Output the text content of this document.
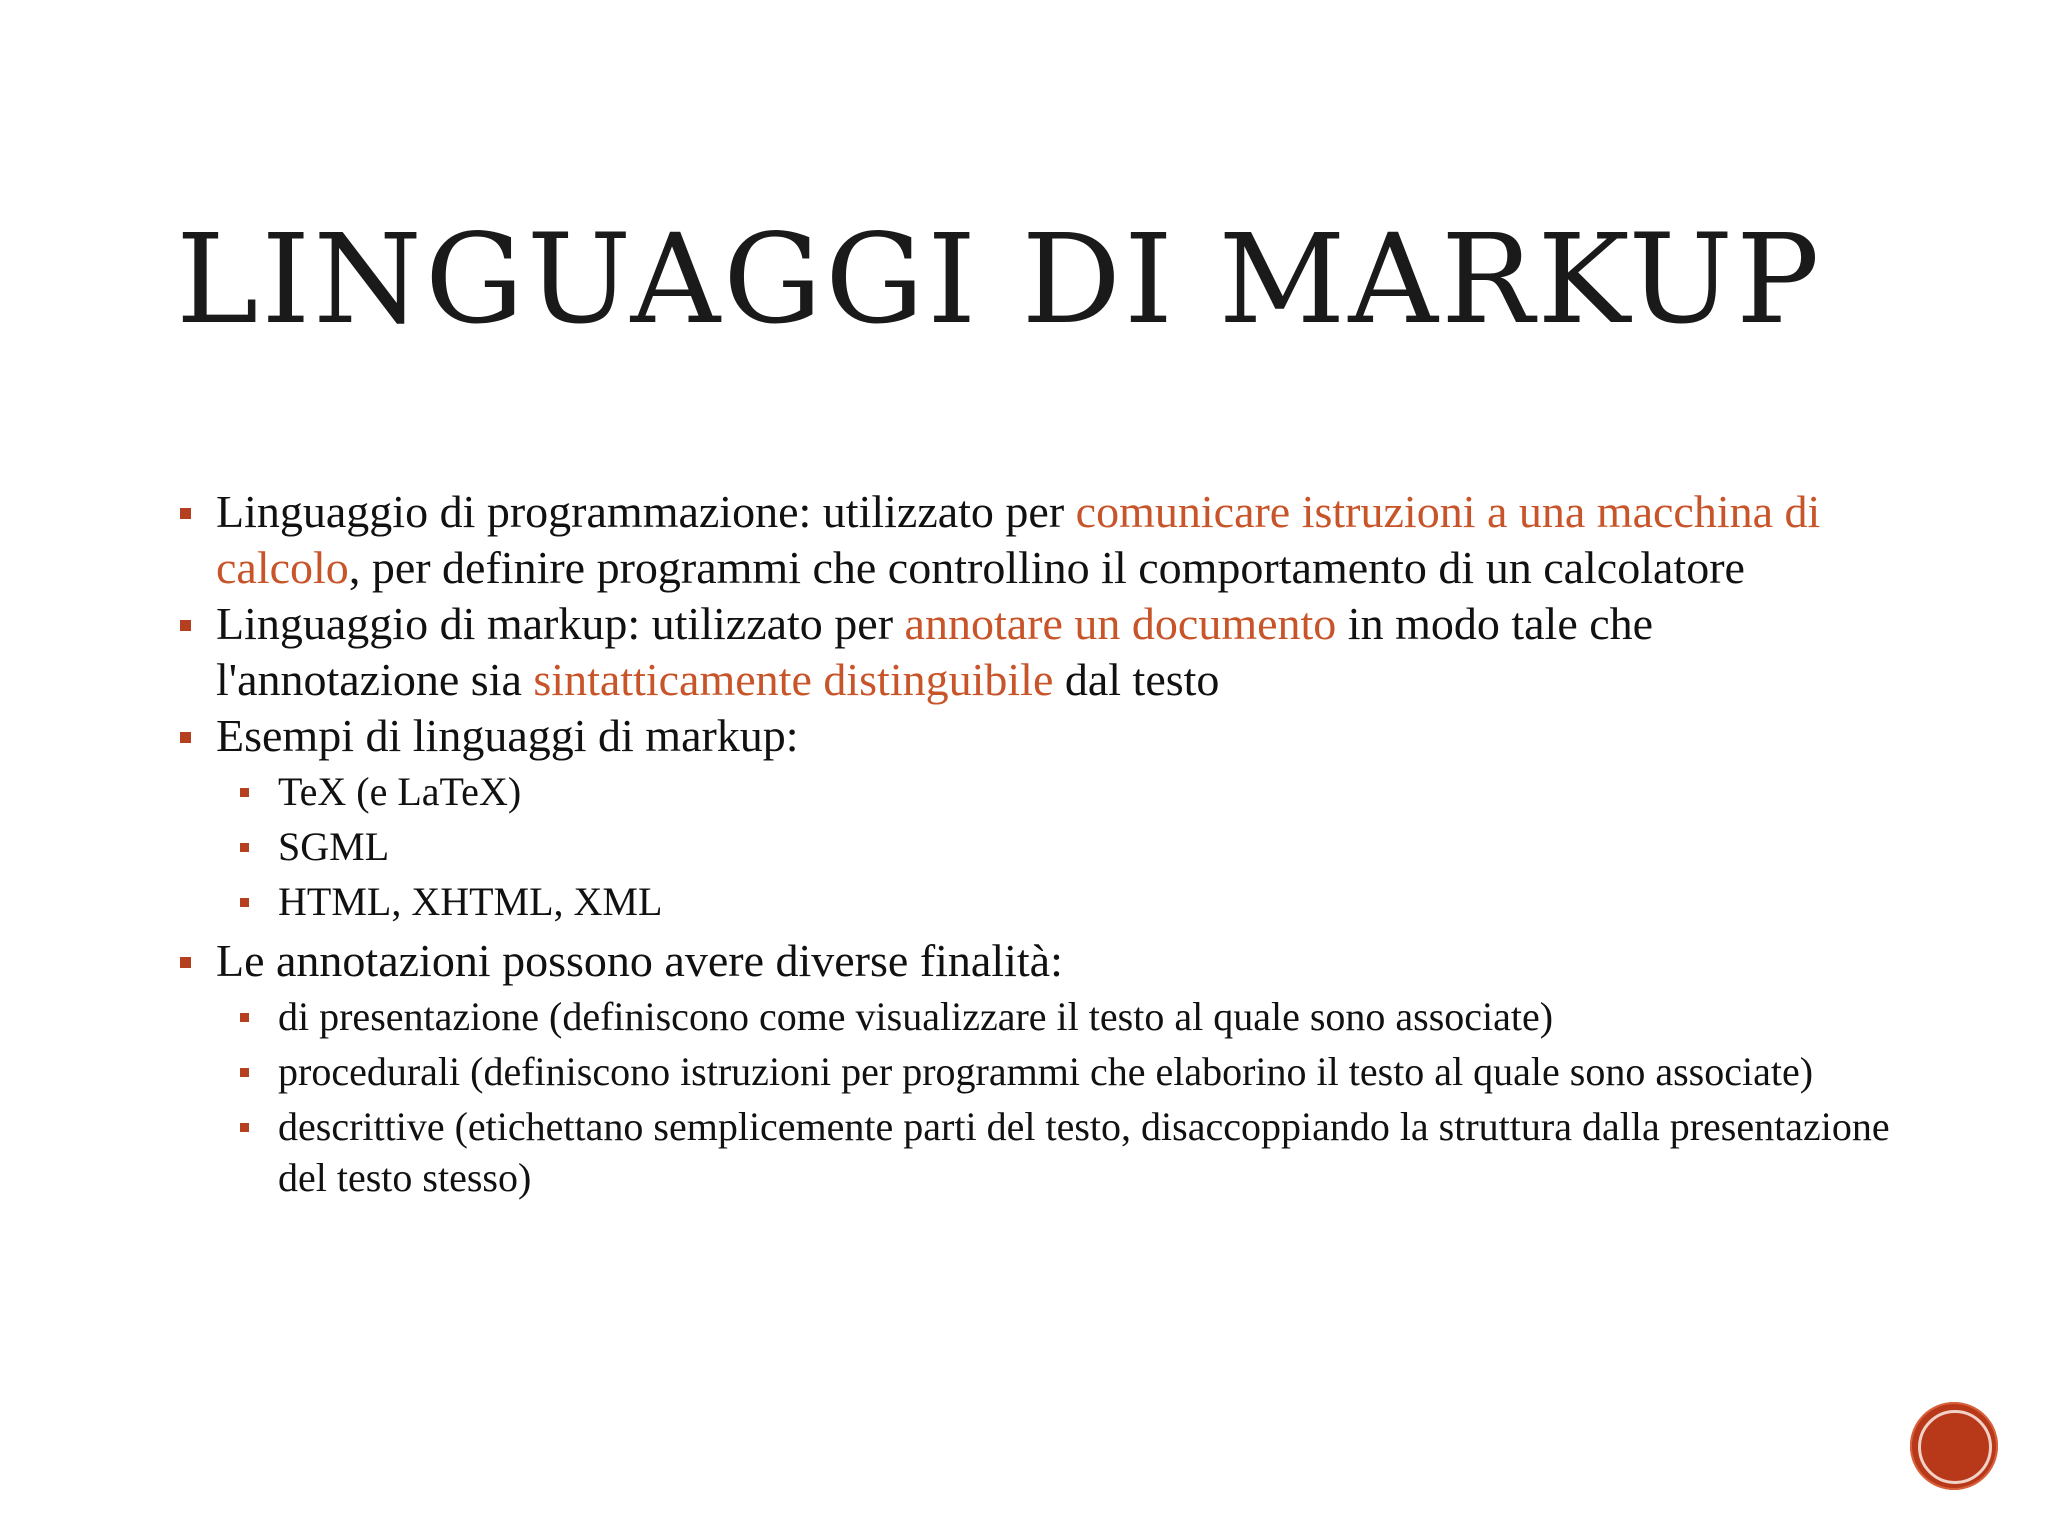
LINGUAGGI DI MARKUP
Linguaggio di programmazione: utilizzato per comunicare istruzioni a una macchina di calcolo, per definire programmi che controllino il comportamento di un calcolatore
Linguaggio di markup: utilizzato per annotare un documento in modo tale che l'annotazione sia sintatticamente distinguibile dal testo
Esempi di linguaggi di markup:
TeX (e LaTeX)
SGML
HTML, XHTML, XML
Le annotazioni possono avere diverse finalità:
di presentazione (definiscono come visualizzare il testo al quale sono associate)
procedurali (definiscono istruzioni per programmi che elaborino il testo al quale sono associate)
descrittive (etichettano semplicemente parti del testo, disaccoppiando la struttura dalla presentazione del testo stesso)
